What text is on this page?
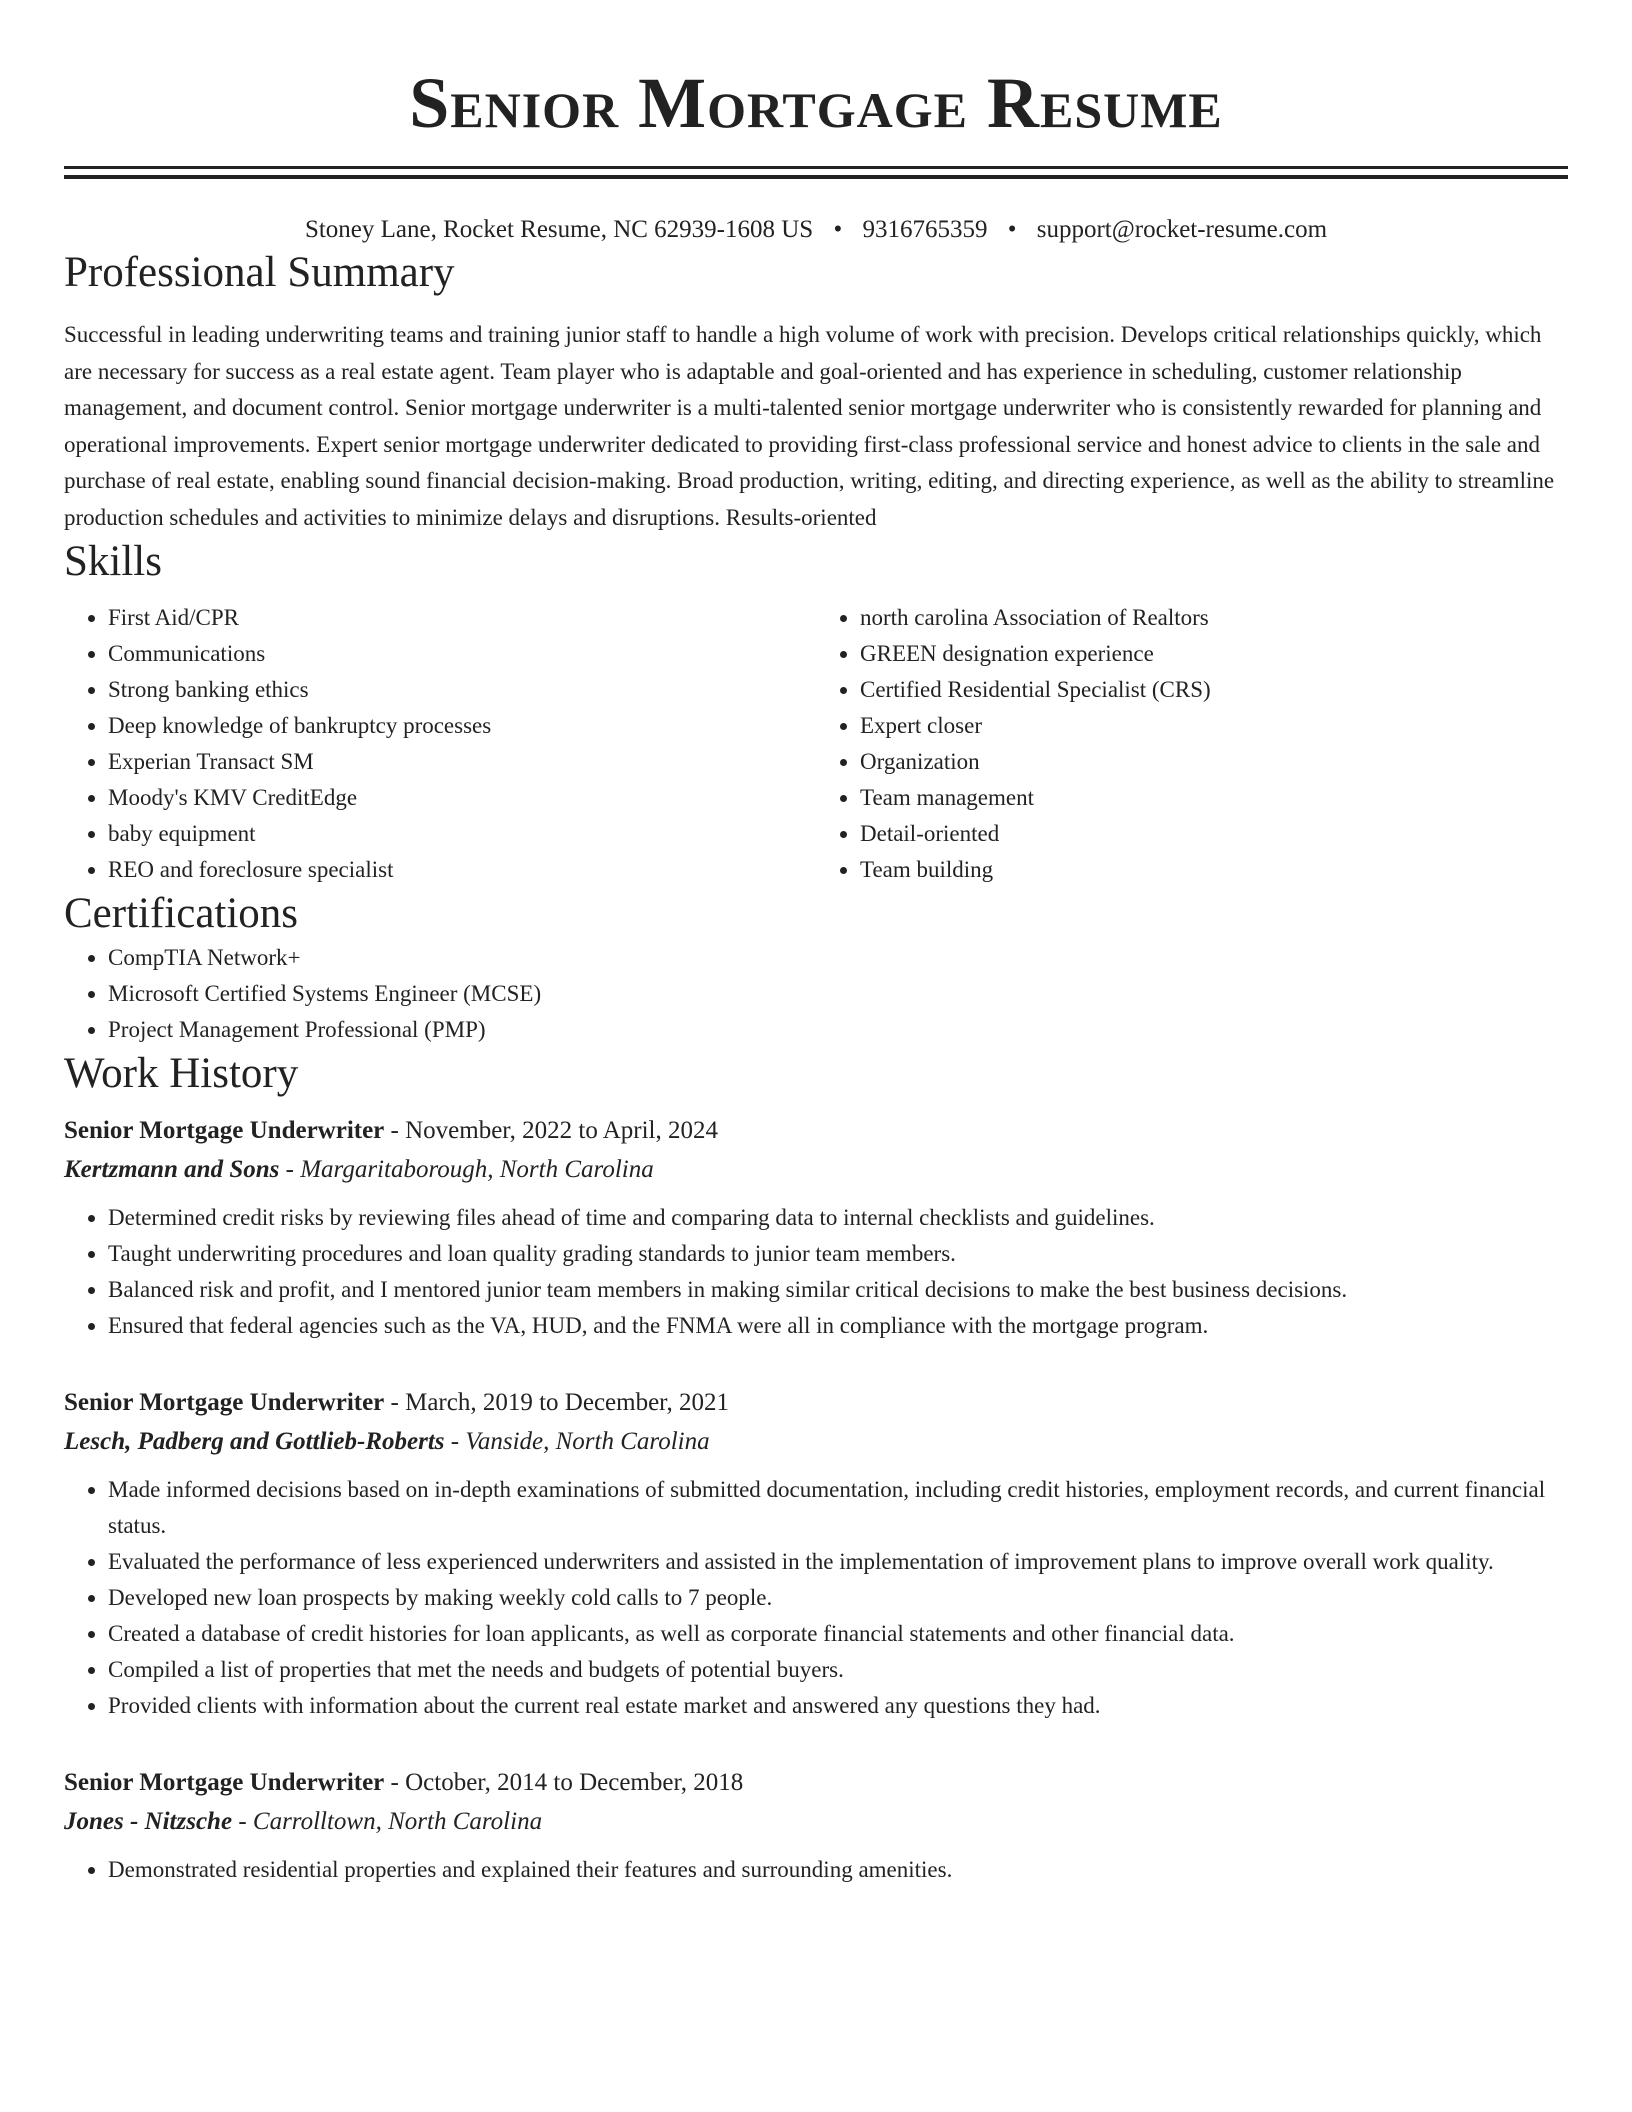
Senior Mortgage Resume
Stoney Lane, Rocket Resume, NC 62939-1608 US • 9316765359 • support@rocket-resume.com
Professional Summary

Successful in leading underwriting teams and training junior staff to handle a high volume of work with precision. Develops critical relationships quickly, which are necessary for success as a real estate agent. Team player who is adaptable and goal-oriented and has experience in scheduling, customer relationship management, and document control. Senior mortgage underwriter is a multi-talented senior mortgage underwriter who is consistently rewarded for planning and operational improvements. Expert senior mortgage underwriter dedicated to providing first-class professional service and honest advice to clients in the sale and purchase of real estate, enabling sound financial decision-making. Broad production, writing, editing, and directing experience, as well as the ability to streamline production schedules and activities to minimize delays and disruptions. Results-oriented

Skills
• First Aid/CPR
• Communications
• Strong banking ethics
• Deep knowledge of bankruptcy processes
• Experian Transact SM
• Moody's KMV CreditEdge
• baby equipment
• REO and foreclosure specialist
• north carolina Association of Realtors
• GREEN designation experience
• Certified Residential Specialist (CRS)
• Expert closer
• Organization
• Team management
• Detail-oriented
• Team building
Certifications
• CompTIA Network+
• Microsoft Certified Systems Engineer (MCSE)
• Project Management Professional (PMP)
Work History
Senior Mortgage Underwriter - November, 2022 to April, 2024
Kertzmann and Sons - Margaritaborough, North Carolina
• Determined credit risks by reviewing files ahead of time and comparing data to internal checklists and guidelines.
• Taught underwriting procedures and loan quality grading standards to junior team members.
• Balanced risk and profit, and I mentored junior team members in making similar critical decisions to make the best business decisions.
• Ensured that federal agencies such as the VA, HUD, and the FNMA were all in compliance with the mortgage program.
Senior Mortgage Underwriter - March, 2019 to December, 2021
Lesch, Padberg and Gottlieb-Roberts - Vanside, North Carolina
• Made informed decisions based on in-depth examinations of submitted documentation, including credit histories, employment records, and current financial status.
• Evaluated the performance of less experienced underwriters and assisted in the implementation of improvement plans to improve overall work quality.
• Developed new loan prospects by making weekly cold calls to 7 people.
• Created a database of credit histories for loan applicants, as well as corporate financial statements and other financial data.
• Compiled a list of properties that met the needs and budgets of potential buyers.
• Provided clients with information about the current real estate market and answered any questions they had.
Senior Mortgage Underwriter - October, 2014 to December, 2018
Jones - Nitzsche - Carrolltown, North Carolina
• Demonstrated residential properties and explained their features and surrounding amenities.
